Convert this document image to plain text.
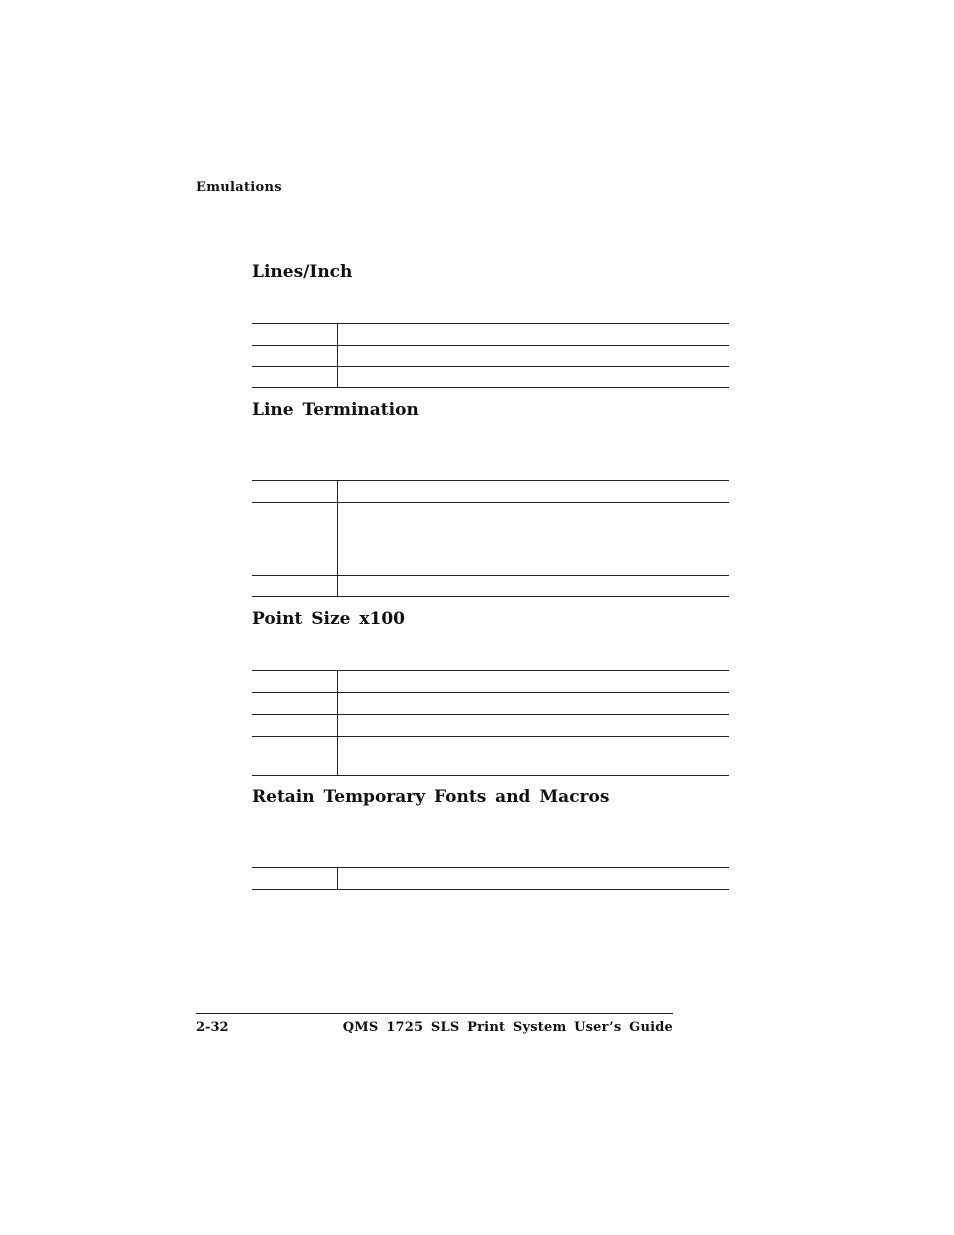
Emulations
Lines/Inch

Line Termination

Point Size x100

Retain Temporary Fonts and Macros

2-32	QMS 1725 SLS Print System User’s Guide
